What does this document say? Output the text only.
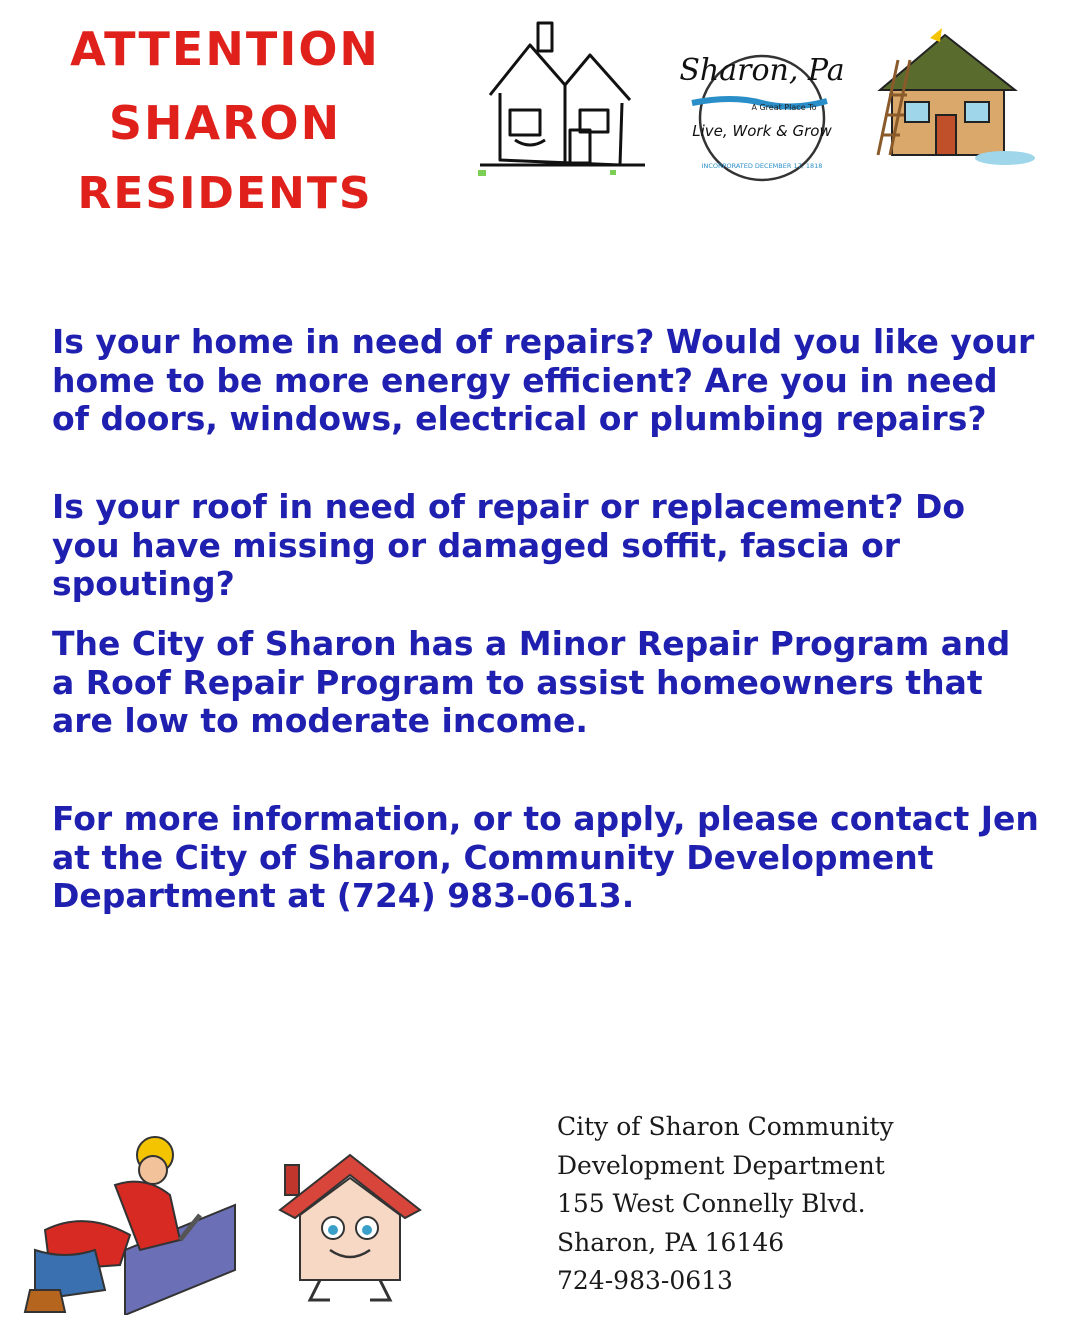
ATTENTION
SHARON
RESIDENTS
Sharon, Pa
A Great Place To
Live, Work & Grow
INCORPORATED DECEMBER 17, 1818

Is your home in need of repairs? Would you like your home to be more energy efficient? Are you in need of doors, windows, electrical or plumbing repairs?

Is your roof in need of repair or replacement? Do you have missing or damaged soffit, fascia or spouting?

The City of Sharon has a Minor Repair Program and a Roof Repair Program to assist homeowners that are low to moderate income.

For more information, or to apply, please contact Jen at the City of Sharon, Community Development Department at (724) 983-0613.

City of Sharon Community
Development Department
155 West Connelly Blvd.
Sharon, PA 16146
724-983-0613
